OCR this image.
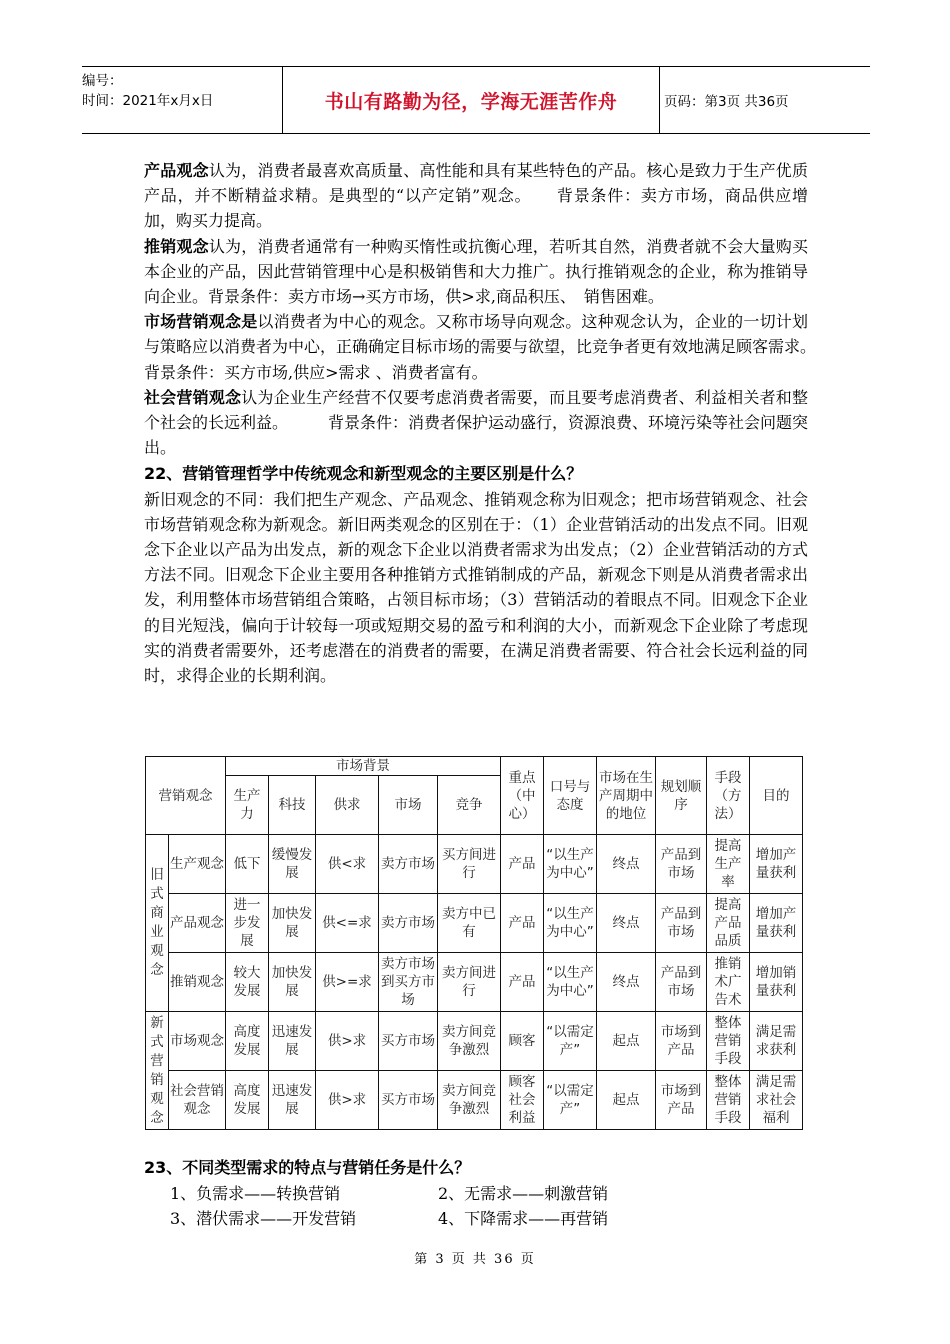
编号：
时间：2021年x月x日	书山有路勤为径，学海无涯苦作舟	页码：第3页 共36页

产品观念认为，消费者最喜欢高质量、高性能和具有某些特色的产品。核心是致力于生产优质产品，并不断精益求精。是典型的“以产定销”观念。　　背景条件：卖方市场，商品供应增加，购买力提高。

推销观念认为，消费者通常有一种购买惰性或抗衡心理，若听其自然，消费者就不会大量购买本企业的产品，因此营销管理中心是积极销售和大力推广。执行推销观念的企业，称为推销导向企业。背景条件：卖方市场→买方市场，供>求,商品积压、　销售困难。

市场营销观念是以消费者为中心的观念。又称市场导向观念。这种观念认为，企业的一切计划与策略应以消费者为中心，正确确定目标市场的需要与欲望，比竞争者更有效地满足顾客需求。　　　　背景条件：买方市场,供应>需求 、消费者富有。

社会营销观念认为企业生产经营不仅要考虑消费者需要，而且要考虑消费者、利益相关者和整个社会的长远利益。　　　背景条件：消费者保护运动盛行，资源浪费、环境污染等社会问题突出。

22、营销管理哲学中传统观念和新型观念的主要区别是什么？

新旧观念的不同：我们把生产观念、产品观念、推销观念称为旧观念；把市场营销观念、社会市场营销观念称为新观念。新旧两类观念的区别在于：（1）企业营销活动的出发点不同。旧观念下企业以产品为出发点，新的观念下企业以消费者需求为出发点；（2）企业营销活动的方式方法不同。旧观念下企业主要用各种推销方式推销制成的产品，新观念下则是从消费者需求出发，利用整体市场营销组合策略，占领目标市场；（3）营销活动的着眼点不同。旧观念下企业的目光短浅，偏向于计较每一项或短期交易的盈亏和利润的大小，而新观念下企业除了考虑现实的消费者需要外，还考虑潜在的消费者的需要，在满足消费者需要、符合社会长远利益的同时，求得企业的长期利润。

营销观念		市场背景					重点（中心）	口号与态度	市场在生产周期中的地位	规划顺序	手段（方法）	目的
		生产力	科技	供求	市场	竞争						
旧式商业观念	生产观念	低下	缓慢发展	供<求	卖方市场	买方间进行	产品	“以生产为中心”	终点	产品到市场	提高生产率	增加产量获利
	产品观念	进一步发展	加快发展	供<=求	卖方市场	卖方中已有	产品	“以生产为中心”	终点	产品到市场	提高产品品质	增加产量获利
	推销观念	较大发展	加快发展	供>=求	卖方市场到买方市场	卖方间进行	产品	“以生产为中心”	终点	产品到市场	推销术广告术	增加销量获利
新式营销观念	市场观念	高度发展	迅速发展	供>求	买方市场	卖方间竞争激烈	顾客	“以需定产”	起点	市场到产品	整体营销手段	满足需求获利
	社会营销观念	高度发展	迅速发展	供>求	买方市场	卖方间竞争激烈	顾客社会利益	“以需定产”	起点	市场到产品	整体营销手段	满足需求社会福利

23、不同类型需求的特点与营销任务是什么？

1、负需求——转换营销	2、无需求——刺激营销
3、潜伏需求——开发营销	4、下降需求——再营销
第 3 页 共 36 页
